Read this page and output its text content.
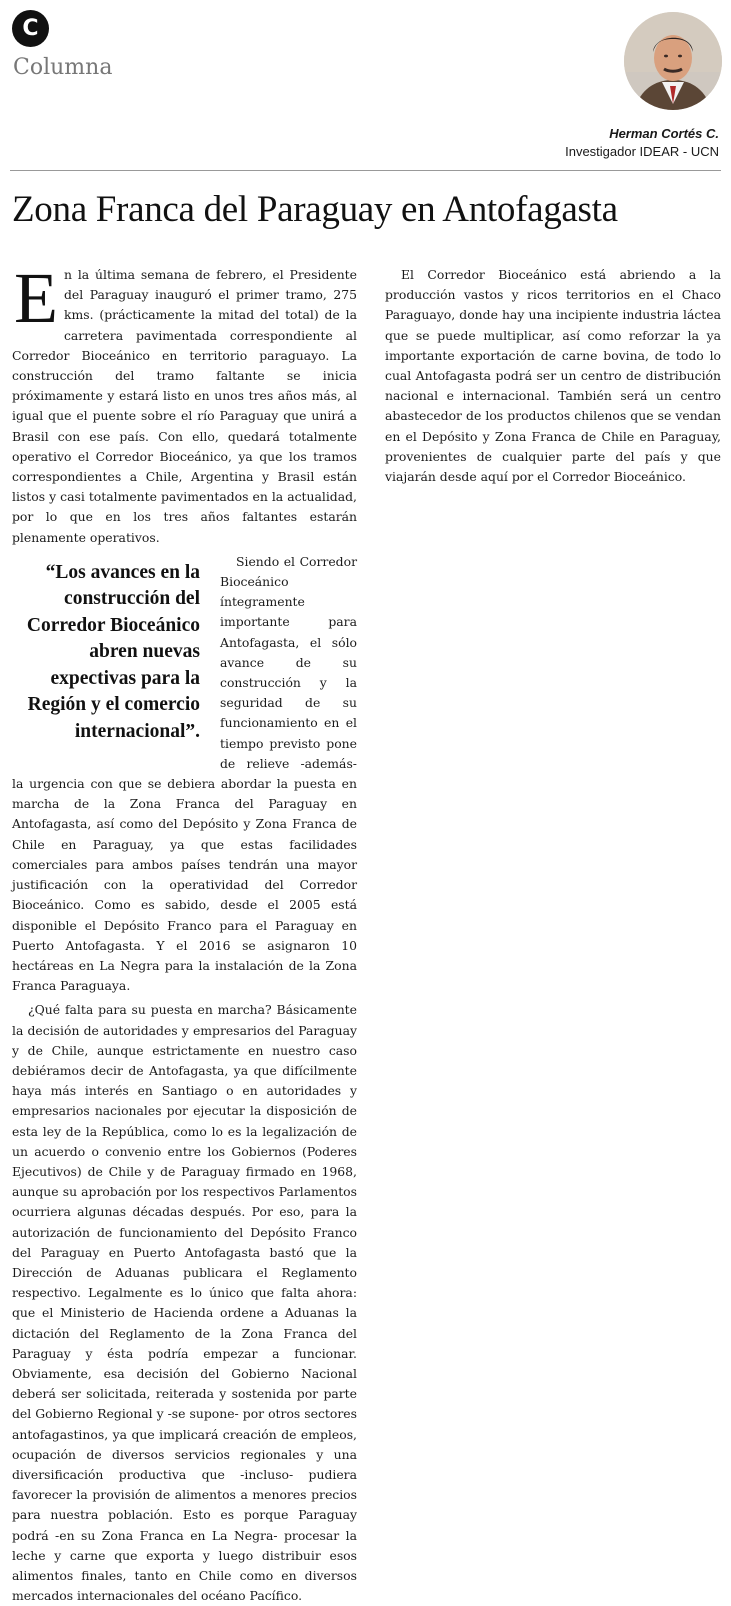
C
Columna
Herman Cortés C.
Investigador IDEAR - UCN
Zona Franca del Paraguay en Antofagasta

En la última semana de febrero, el Presidente del Paraguay inauguró el primer tramo, 275 kms. (prácticamente la mitad del total) de la carretera pavimentada correspondiente al Corredor Bioceánico en territorio paraguayo. La construcción del tramo faltante se inicia próximamente y estará listo en unos tres años más, al igual que el puente sobre el río Paraguay que unirá a Brasil con ese país. Con ello, quedará totalmente operativo el Corredor Bioceánico, ya que los tramos correspondientes a Chile, Argentina y Brasil están listos y casi totalmente pavimentados en la actualidad, por lo que en los tres años faltantes estarán plenamente operativos.

“Los avances en la construcción del Corredor Bioceánico abren nuevas expectivas para la Región y el comercio internacional”.
Siendo el Corredor Bioceánico íntegramente importante para Antofagasta, el sólo avance de su construcción y la seguridad de su funcionamiento en el tiempo previsto pone de relieve -además- la urgencia con que se debiera abordar la puesta en marcha de la Zona Franca del Paraguay en Antofagasta, así como del Depósito y Zona Franca de Chile en Paraguay, ya que estas facilidades comerciales para ambos países tendrán una mayor justificación con la operatividad del Corredor Bioceánico. Como es sabido, desde el 2005 está disponible el Depósito Franco para el Paraguay en Puerto Antofagasta. Y el 2016 se asignaron 10 hectáreas en La Negra para la instalación de la Zona Franca Paraguaya.

¿Qué falta para su puesta en marcha? Básicamente la decisión de autoridades y empresarios del Paraguay y de Chile, aunque estrictamente en nuestro caso debiéramos decir de Antofagasta, ya que difícilmente haya más interés en Santiago o en autoridades y empresarios nacionales por ejecutar la disposición de esta ley de la República, como lo es la legalización de un acuerdo o convenio entre los Gobiernos (Poderes Ejecutivos) de Chile y de Paraguay firmado en 1968, aunque su aprobación por los respectivos Parlamentos ocurriera algunas décadas después. Por eso, para la autorización de funcionamiento del Depósito Franco del Paraguay en Puerto Antofagasta bastó que la Dirección de Aduanas publicara el Reglamento respectivo. Legalmente es lo único que falta ahora: que el Ministerio de Hacienda ordene a Aduanas la dictación del Reglamento de la Zona Franca del Paraguay y ésta podría empezar a funcionar. Obviamente, esa decisión del Gobierno Nacional deberá ser solicitada, reiterada y sostenida por parte del Gobierno Regional y -se supone- por otros sectores antofagastinos, ya que implicará creación de empleos, ocupación de diversos servicios regionales y una diversificación productiva que -incluso- pudiera favorecer la provisión de alimentos a menores precios para nuestra población. Esto es porque Paraguay podrá -en su Zona Franca en La Negra- procesar la leche y carne que exporta y luego distribuir esos alimentos finales, tanto en Chile como en diversos mercados internacionales del océano Pacífico.

El Corredor Bioceánico está abriendo a la producción vastos y ricos territorios en el Chaco Paraguayo, donde hay una incipiente industria láctea que se puede multiplicar, así como reforzar la ya importante exportación de carne bovina, de todo lo cual Antofagasta podrá ser un centro de distribución nacional e internacional. También será un centro abastecedor de los productos chilenos que se vendan en el Depósito y Zona Franca de Chile en Paraguay, provenientes de cualquier parte del país y que viajarán desde aquí por el Corredor Bioceánico.
